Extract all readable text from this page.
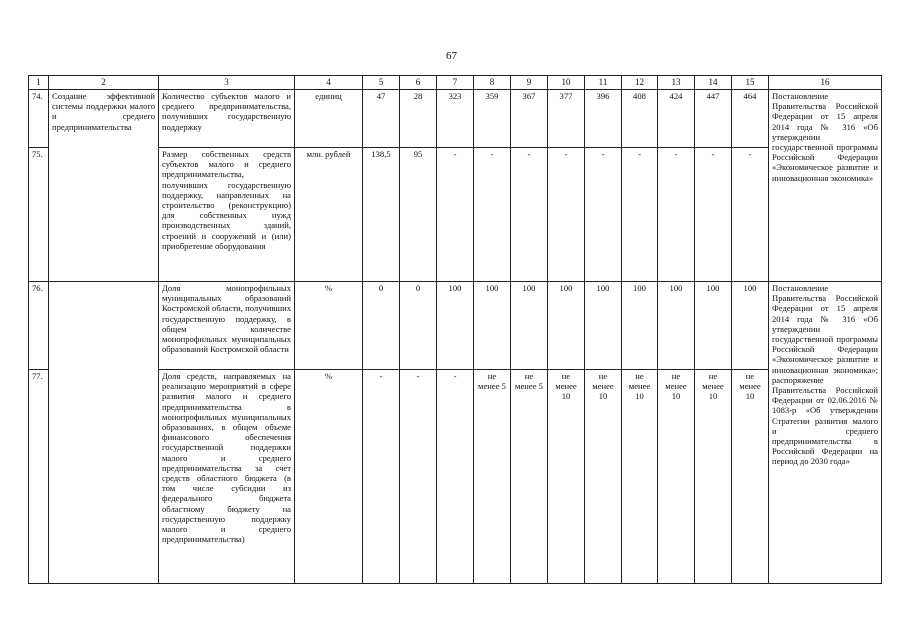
67
1	2	3	4	5	6	7	8	9	10	11	12	13	14	15	16
74.	Создание эффективной системы поддержки малого и среднего предпринимательства	Количество субъектов малого и среднего предпринимательства, получивших государственную поддержку	единиц	47	28	323	359	367	377	396	408	424	447	464	Постановление Правительства Российской Федерации от 15 апреля 2014 года № 316 «Об утверждении государственной программы Российской Федерации «Экономическое развитие и инновационная экономика»
75.		Размер собственных средств субъектов малого и среднего предпринимательства, получивших государственную поддержку, направленных на строительство (реконструкцию) для собственных нужд производственных зданий, строений и сооружений и (или) приобретение оборудования	млн. рублей	138,5	95	-	-	-	-	-	-	-	-	-	
76.		Доля монопрофильных муниципальных образований Костромской области, получивших государственную поддержку, в общем количестве монопрофильных муниципальных образований Костромской области	%	0	0	100	100	100	100	100	100	100	100	100	Постановление Правительства Российской Федерации от 15 апреля 2014 года № 316 «Об утверждении государственной программы Российской Федерации «Экономическое развитие и инновационная экономика»; распоряжение Правительства Российской Федерации от 02.06.2016 № 1083-р «Об утверждении Стратегии развития малого и среднего предпринимательства в Российской Федерации на период до 2030 года»
77.		Доля средств, направляемых на реализацию мероприятий в сфере развития малого и среднего предпринимательства в монопрофильных муниципальных образованиях, в общем объеме финансового обеспечения государственной поддержки малого и среднего предпринимательства за счет средств областного бюджета (в том числе субсидии из федерального бюджета областному бюджету на государственную поддержку малого и среднего предпринимательства)	%	-	-	-	не менее 5	не менее 5	не менее 10	не менее 10	не менее 10	не менее 10	не менее 10	не менее 10	
